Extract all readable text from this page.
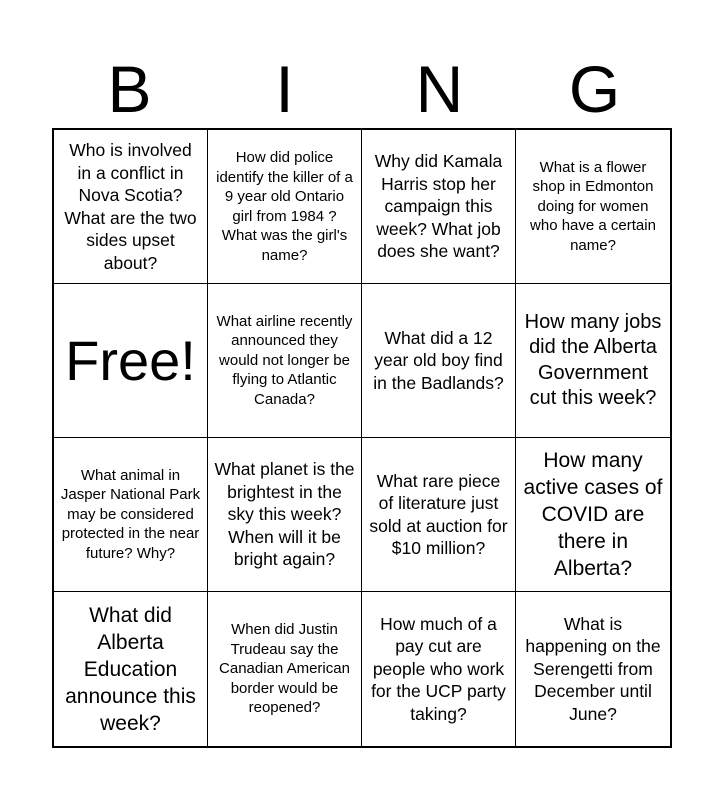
B	I	N	G
Who is involved in a conflict in Nova Scotia? What are the two sides upset about?
How did police identify the killer of a 9 year old Ontario girl from 1984 ? What was the girl's name?
Why did Kamala Harris stop her campaign this week? What job does she want?
What is a flower shop in Edmonton doing for women who have a certain name?
Free!
What airline recently announced they would not longer be flying to Atlantic Canada?
What did a 12 year old boy find in the Badlands?
How many jobs did the Alberta Government cut this week?
What animal in Jasper National Park may be considered protected in the near future? Why?
What planet is the brightest in the sky this week? When will it be bright again?
What rare piece of literature just sold at auction for $10 million?
How many active cases of COVID are there in Alberta?
What did Alberta Education announce this week?
When did Justin Trudeau say the Canadian American border would be reopened?
How much of a pay cut are people who work for the UCP party taking?
What is happening on the Serengetti from December until June?
